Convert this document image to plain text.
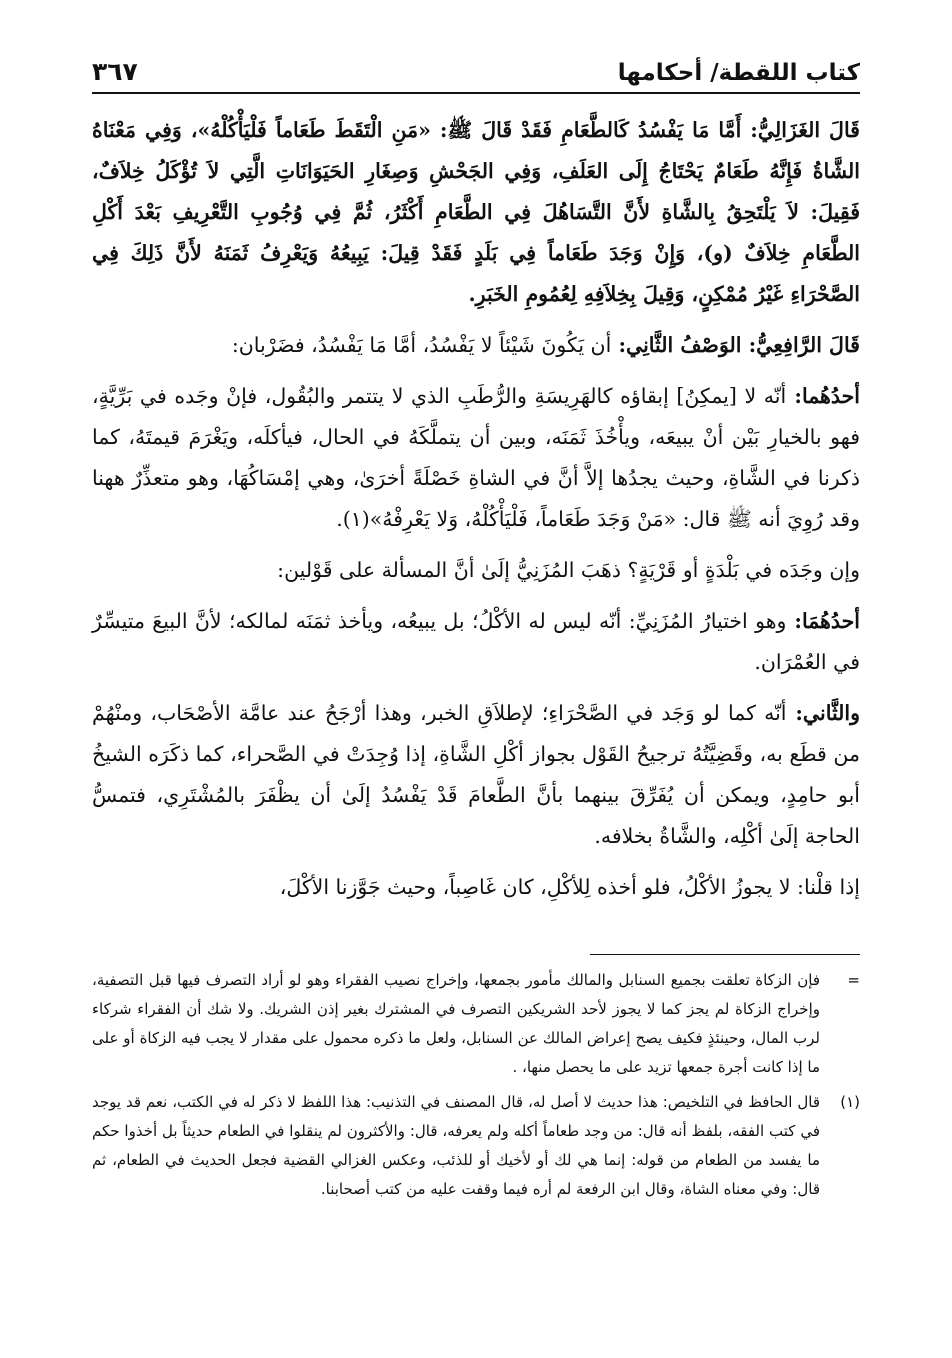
كتاب اللقطة/ أحكامها
٣٦٧

قَالَ الغَزَالِيُّ: أَمَّا مَا يَفْسُدُ كَالطَّعَامِ فَقَدْ قَالَ ﷺ: «مَنِ الْتَقَطَ طَعَاماً فَلْيَأْكُلْهُ»، وَفِي مَعْنَاهُ الشَّاةُ فَإِنَّهُ طَعَامٌ يَحْتَاجُ إِلَى العَلَفِ، وَفِي الجَحْشِ وَصِغَارِ الحَيَوَانَاتِ الَّتِي لاَ تُؤْكَلُ خِلاَفٌ، فَقِيلَ: لاَ يَلْتَحِقُ بِالشَّاةِ لأَنَّ التَّسَاهُلَ فِي الطَّعَامِ أَكْثَرُ، ثُمَّ فِي وُجُوبِ التَّعْرِيفِ بَعْدَ أَكْلِ الطَّعَامِ خِلاَفٌ (و)، وَإِنْ وَجَدَ طَعَاماً فِي بَلَدٍ فَقَدْ قِيلَ: يَبِيعُهُ وَيَعْرِفُ ثَمَنَهُ لأَنَّ ذَلِكَ فِي الصَّحْرَاءِ غَيْرُ مُمْكِنٍ، وَقِيلَ بِخِلاَفِهِ لِعُمُومِ الخَبَرِ.

قَالَ الرَّافِعِيُّ: الوَصْفُ الثَّانِي: أن يَكُونَ شَيْئاً لا يَفْسُدُ، أمَّا مَا يَفْسُدُ، فضَرْبان:

أحدُهُما: أنّه لا [يمكِنُ] إبقاؤه كالهَرِيسَةِ والرُّطَبِ الذي لا يتتمر والبُقُول، فإنْ وجَده في بَرِّيَّةٍ، فهو بالخيارِ بَيْن أنْ يبيعَه، ويأْخُذَ ثَمَنَه، وبين أن يتملَّكَهُ في الحال، فيأكلَه، ويَغْرَمَ قيمتَهُ، كما ذكرنا في الشَّاةِ، وحيث يجدُها إلاَّ أنَّ في الشاةِ خَصْلَةً أخرَىٰ، وهي إمْسَاكُهَا، وهو متعذِّرٌ ههنا وقد رُوِيَ أنه ﷺ قال: «مَنْ وَجَدَ طَعَاماً، فَلْيَأْكُلْهُ، وَلا يَعْرِفْهُ»(١).

وإن وجَدَه في بَلْدَةٍ أو قَرْيَةٍ؟ ذهَبَ المُزَنِيُّ إلَىٰ أنَّ المسألة على قَوْلين:

أحدُهُمَا: وهو اختيارُ المُزَنِيِّ: أنّه ليس له الأكْلُ؛ بل يبيعُه، ويأخذ ثمَنَه لمالكه؛ لأنَّ البيعَ متيسِّرٌ في العُمْرَان.

والثَّاني: أنّه كما لو وَجَد في الصَّحْرَاءِ؛ لإطلاَقِ الخبر، وهذا أرْجَحُ عند عامَّة الأصْحَاب، ومنْهُمْ من قطَع به، وقَضِيَّتُهُ ترجيحُ القَوْل بجواز أكْلِ الشَّاةِ، إذا وُجِدَتْ في الصَّحراء، كما ذكَرَه الشيخُ أبو حامِدٍ، ويمكن أن يُفَرِّقَ بينهما بأنَّ الطَّعامَ قَدْ يَفْسُدُ إلَىٰ أن يظْفَرَ بالمُشْتَرِي، فتمسُّ الحاجة إلَىٰ أكْلِه، والشَّاةُ بخلافه.

إذا قلْنا: لا يجوزُ الأكْلُ، فلو أخذه لِلأكْلِ، كان غَاصِباً، وحيث جَوَّزنا الأكْلَ،

=
فإن الزكاة تعلقت بجميع السنابل والمالك مأمور بجمعها، وإخراج نصيب الفقراء وهو لو أراد التصرف فيها قبل التصفية، وإخراج الزكاة لم يجز كما لا يجوز لأحد الشريكين التصرف في المشترك بغير إذن الشريك. ولا شك أن الفقراء شركاء لرب المال، وحينئذٍ فكيف يصح إعراض المالك عن السنابل، ولعل ما ذكره محمول على مقدار لا يجب فيه الزكاة أو على ما إذا كانت أجرة جمعها تزيد على ما يحصل منها، .
(١)
قال الحافظ في التلخيص: هذا حديث لا أصل له، قال المصنف في التذنيب: هذا اللفظ لا ذكر له في الكتب، نعم قد يوجد في كتب الفقه، بلفظ أنه قال: من وجد طعاماً أكله ولم يعرفه، قال: والأكثرون لم ينقلوا في الطعام حديثاً بل أخذوا حكم ما يفسد من الطعام من قوله: إنما هي لك أو لأخيك أو للذئب، وعكس الغزالي القضية فجعل الحديث في الطعام، ثم قال: وفي معناه الشاة، وقال ابن الرفعة لم أره فيما وقفت عليه من كتب أصحابنا.
